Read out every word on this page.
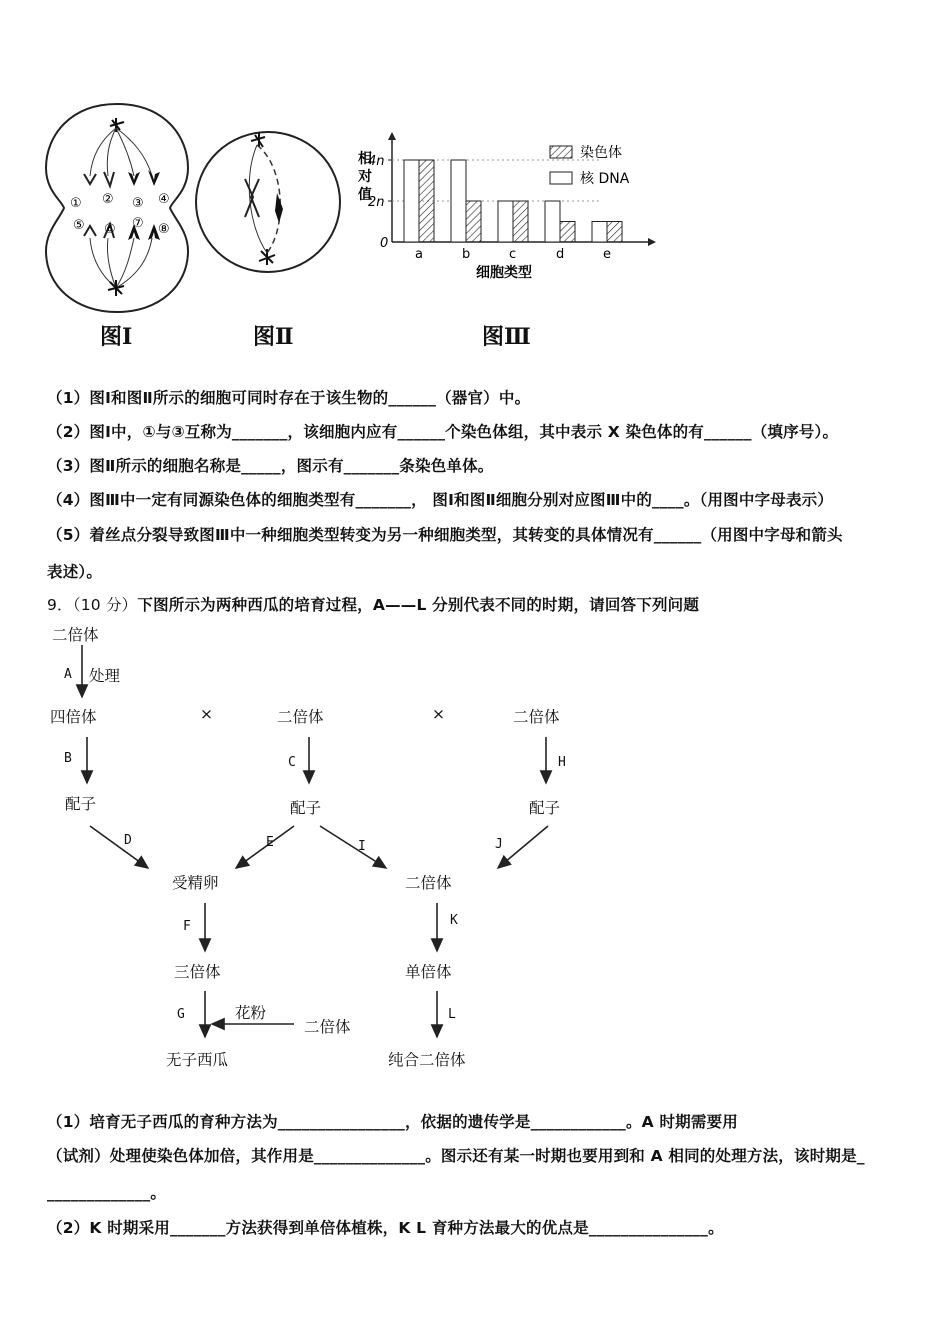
① ② ③ ④
⑤ ⑥ ⑦ ⑧
图Ⅰ	图Ⅱ
相
对
值
0
2n
4n
a	b	c	d	e
染色体
核 DNA
细胞类型
图Ⅲ
（1）图Ⅰ和图Ⅱ所示的细胞可同时存在于该生物的______（器官）中。
（2）图Ⅰ中，①与③互称为_______，该细胞内应有______个染色体组，其中表示 X 染色体的有______（填序号）。
（3）图Ⅱ所示的细胞名称是_____，图示有_______条染色单体。
（4）图Ⅲ中一定有同源染色体的细胞类型有_______， 图Ⅰ和图Ⅱ细胞分别对应图Ⅲ中的____。（用图中字母表示）
（5）着丝点分裂导致图Ⅲ中一种细胞类型转变为另一种细胞类型，其转变的具体情况有______（用图中字母和箭头
表述）。
9．（10 分）下图所示为两种西瓜的培育过程，A——L 分别代表不同的时期，请回答下列问题
二倍体
A 处理
四倍体	×	二倍体	×	二倍体
B	C	H
配子	配子	配子
D	E	I	J
受精卵	二倍体
F	K
三倍体	单倍体
G	花粉
二倍体
L
无子西瓜	纯合二倍体
（1）培育无子西瓜的育种方法为________________，依据的遗传学是____________。A 时期需要用
（试剂）处理使染色体加倍，其作用是______________。图示还有某一时期也要用到和 A 相同的处理方法，该时期是_
_____________。
（2）K 时期采用_______方法获得到单倍体植株，K L 育种方法最大的优点是_______________。
